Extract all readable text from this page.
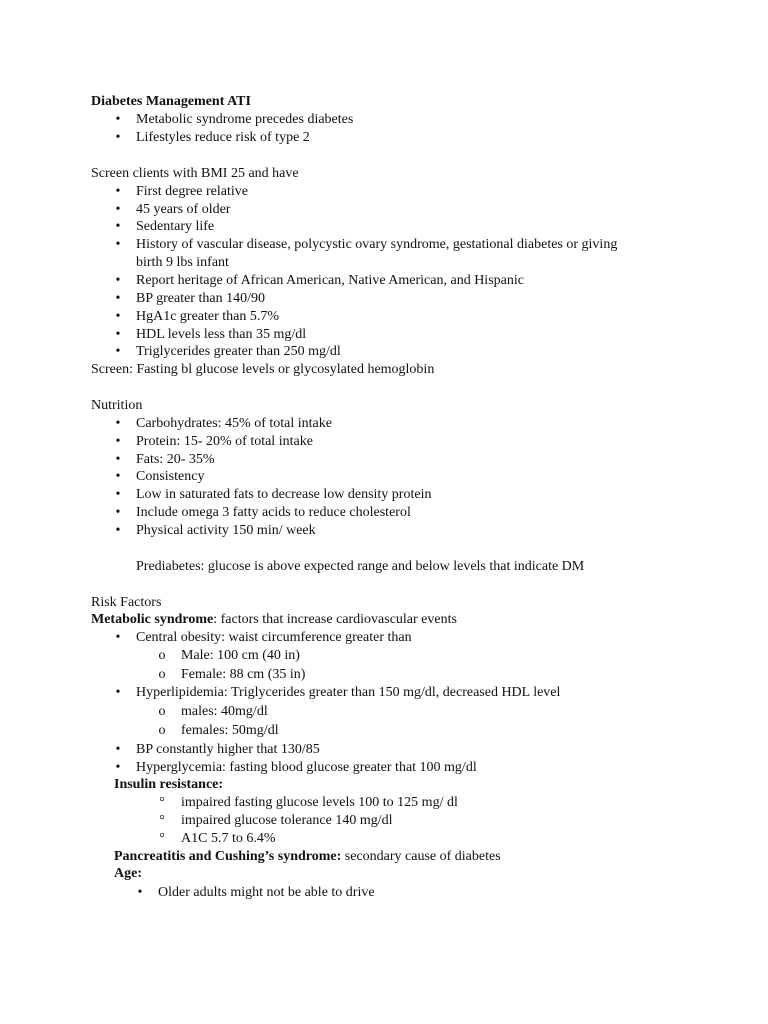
Diabetes Management ATI
•	Metabolic syndrome precedes diabetes
•	Lifestyles reduce risk of type 2
Screen clients with BMI 25 and have
•	First degree relative
•	45 years of older
•	Sedentary life
•	History of vascular disease, polycystic ovary syndrome, gestational diabetes or giving
birth 9 lbs infant
•	Report heritage of African American, Native American, and Hispanic
•	BP greater than 140/90
•	HgA1c greater than 5.7%
•	HDL levels less than 35 mg/dl
•	Triglycerides greater than 250 mg/dl
Screen: Fasting bl glucose levels or glycosylated hemoglobin
Nutrition
•	Carbohydrates: 45% of total intake
•	Protein: 15- 20% of total intake
•	Fats: 20- 35%
•	Consistency
•	Low in saturated fats to decrease low density protein
•	Include omega 3 fatty acids to reduce cholesterol
•	Physical activity 150 min/ week
Prediabetes: glucose is above expected range and below levels that indicate DM
Risk Factors
Metabolic syndrome: factors that increase cardiovascular events
•	Central obesity: waist circumference greater than
o Male: 100 cm (40 in)
o Female: 88 cm (35 in)
•	Hyperlipidemia: Triglycerides greater than 150 mg/dl, decreased HDL level
o males: 40mg/dl
o females: 50mg/dl
•	BP constantly higher that 130/85
•	Hyperglycemia: fasting blood glucose greater that 100 mg/dl
Insulin resistance:
°	impaired fasting glucose levels 100 to 125 mg/ dl
°	impaired glucose tolerance 140 mg/dl
°	A1C 5.7 to 6.4%
Pancreatitis and Cushing’s syndrome: secondary cause of diabetes
Age:
•	Older adults might not be able to drive
